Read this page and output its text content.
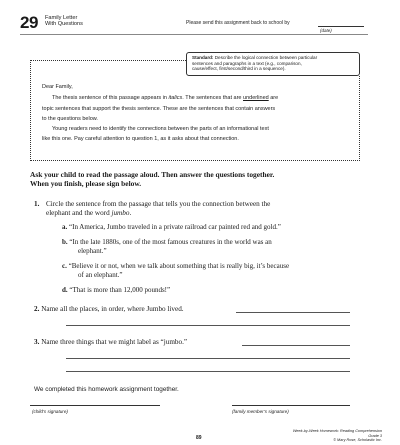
29 Family Letter
With Questions	Please send this assignment back to school by
(date)
Standard: Describe the logical connection between particular
sentences and paragraphs in a text (e.g., comparison,
cause/effect, first/second/third in a sequence).

Dear Family,

The thesis sentence of this passage appears in italics. The sentences that are underlined are

topic sentences that support the thesis sentence. These are the sentences that contain answers

to the questions below.

Young readers need to identify the connections between the parts of an informational text

like this one. Pay careful attention to question 1, as it asks about that connection.

Ask your child to read the passage aloud. Then answer the questions together.
When you finish, please sign below.
1. Circle the sentence from the passage that tells you the connection between the
elephant and the word jumbo.
a. “In America, Jumbo traveled in a private railroad car painted red and gold.”
b. “In the late 1880s, one of the most famous creatures in the world was an
elephant.”
c. “Believe it or not, when we talk about something that is really big, it’s because
of an elephant.”
d. “That is more than 12,000 pounds!”
2. Name all the places, in order, where Jumbo lived.
3. Name three things that we might label as “jumbo.”
We completed this homework assignment together.
(child’s signature)	(family member’s signature)
89
Week-by-Week Homework: Reading Comprehension Grade 3
© Mary Rose, Scholastic Inc.
